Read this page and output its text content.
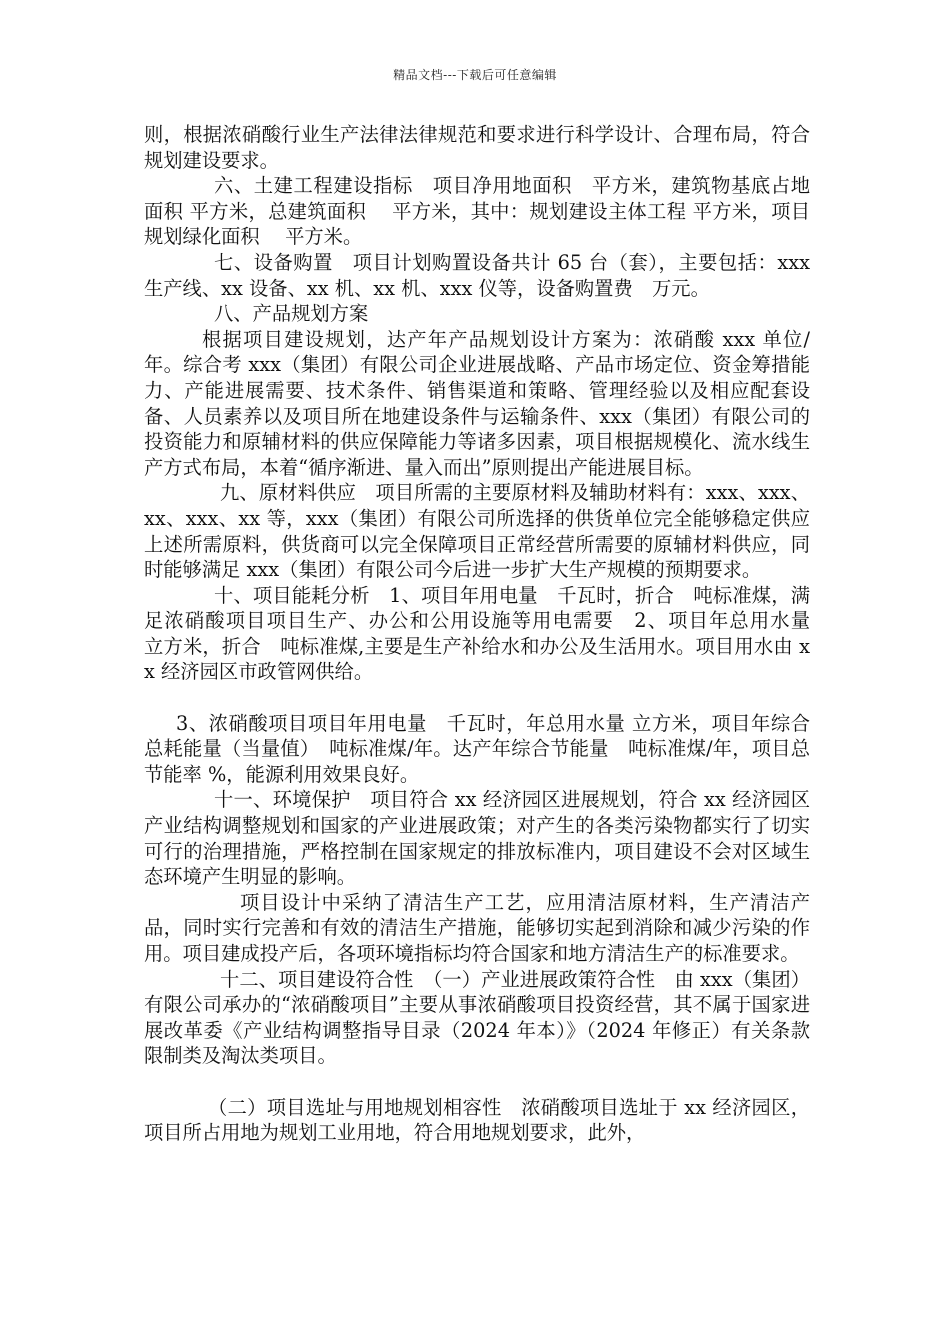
精品文档---下载后可任意编辑

则，根据浓硝酸行业生产法律法律规范和要求进行科学设计、合理布局，符合规划建设要求。

六、土建工程建设指标　项目净用地面积　平方米，建筑物基底占地面积 平方米，总建筑面积　 平方米，其中：规划建设主体工程 平方米，项目规划绿化面积　 平方米。

七、设备购置　项目计划购置设备共计 65 台（套），主要包括：xxx 生产线、xx 设备、xx 机、xx 机、xxx 仪等，设备购置费　万元。

八、产品规划方案

根据项目建设规划，达产年产品规划设计方案为：浓硝酸 xxx 单位/年。综合考 xxx（集团）有限公司企业进展战略、产品市场定位、资金筹措能力、产能进展需要、技术条件、销售渠道和策略、管理经验以及相应配套设备、人员素养以及项目所在地建设条件与运输条件、xxx（集团）有限公司的投资能力和原辅材料的供应保障能力等诸多因素，项目根据规模化、流水线生产方式布局，本着“循序渐进、量入而出”原则提出产能进展目标。

九、原材料供应　项目所需的主要原材料及辅助材料有：xxx、xxx、xx、xxx、xx 等，xxx（集团）有限公司所选择的供货单位完全能够稳定供应上述所需原料，供货商可以完全保障项目正常经营所需要的原辅材料供应，同时能够满足 xxx（集团）有限公司今后进一步扩大生产规模的预期要求。

十、项目能耗分析　1、项目年用电量　千瓦时，折合　吨标准煤，满足浓硝酸项目项目生产、办公和公用设施等用电需要　2、项目年总用水量　立方米，折合　吨标准煤,主要是生产补给水和办公及生活用水。项目用水由 xx 经济园区市政管网供给。

3、浓硝酸项目项目年用电量　千瓦时，年总用水量 立方米，项目年综合总耗能量（当量值）　吨标准煤/年。达产年综合节能量　吨标准煤/年，项目总节能率 %，能源利用效果良好。

十一、环境保护　项目符合 xx 经济园区进展规划，符合 xx 经济园区产业结构调整规划和国家的产业进展政策；对产生的各类污染物都实行了切实可行的治理措施，严格控制在国家规定的排放标准内，项目建设不会对区域生态环境产生明显的影响。

项目设计中采纳了清洁生产工艺，应用清洁原材料，生产清洁产品，同时实行完善和有效的清洁生产措施，能够切实起到消除和减少污染的作用。项目建成投产后，各项环境指标均符合国家和地方清洁生产的标准要求。

十二、项目建设符合性　（一）产业进展政策符合性　由 xxx（集团）有限公司承办的“浓硝酸项目”主要从事浓硝酸项目投资经营，其不属于国家进展改革委《产业结构调整指导目录（2024 年本）》（2024 年修正）有关条款限制类及淘汰类项目。

（二）项目选址与用地规划相容性　浓硝酸项目选址于 xx 经济园区，项目所占用地为规划工业用地，符合用地规划要求，此外，
